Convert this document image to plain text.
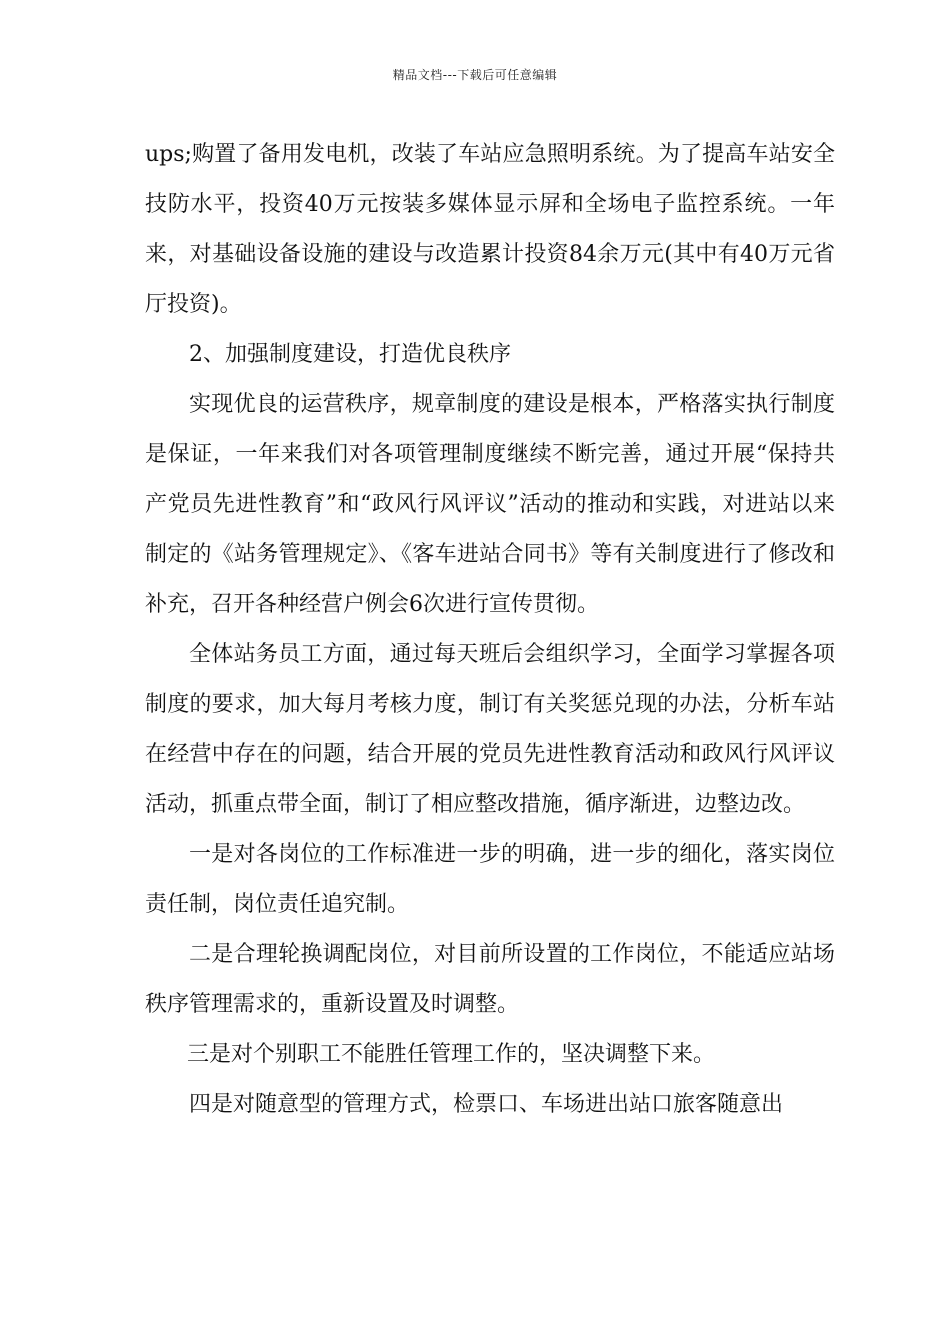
精品文档---下载后可任意编辑

ups;购置了备用发电机，改装了车站应急照明系统。为了提高车站安全技防水平，投资40万元按装多媒体显示屏和全场电子监控系统。一年来，对基础设备设施的建设与改造累计投资84余万元(其中有40万元省厅投资)。

2、加强制度建设，打造优良秩序

实现优良的运营秩序，规章制度的建设是根本，严格落实执行制度是保证，一年来我们对各项管理制度继续不断完善，通过开展“保持共产党员先进性教育”和“政风行风评议”活动的推动和实践，对进站以来制定的《站务管理规定》、《客车进站合同书》等有关制度进行了修改和补充，召开各种经营户例会6次进行宣传贯彻。

全体站务员工方面，通过每天班后会组织学习，全面学习掌握各项制度的要求，加大每月考核力度，制订有关奖惩兑现的办法，分析车站在经营中存在的问题，结合开展的党员先进性教育活动和政风行风评议活动，抓重点带全面，制订了相应整改措施，循序渐进，边整边改。

一是对各岗位的工作标准进一步的明确，进一步的细化，落实岗位责任制，岗位责任追究制。

二是合理轮换调配岗位，对目前所设置的工作岗位，不能适应站场秩序管理需求的，重新设置及时调整。

三是对个别职工不能胜任管理工作的，坚决调整下来。

四是对随意型的管理方式，检票口、车场进出站口旅客随意出
